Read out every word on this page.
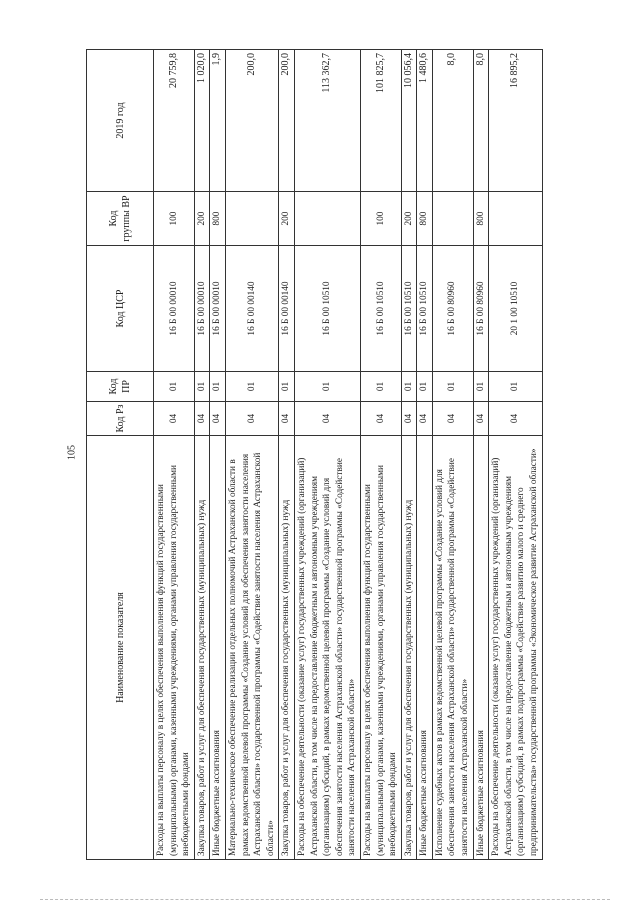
105
Наименование показателя	Код Рз	Код ПР	Код ЦСР	Код группы ВР	2019 год
Расходы на выплаты персоналу в целях обеспечения выполнения функций государственными (муниципальными) органами, казенными учреждениями, органами управления государственными внебюджетными фондами	04	01	16 Б 00 00010	100	20 759,8
Закупка товаров, работ и услуг для обеспечения государственных (муниципальных) нужд	04	01	16 Б 00 00010	200	1 020,0
Иные бюджетные ассигнования	04	01	16 Б 00 00010	800	1,9
Материально-техническое обеспечение реализации отдельных полномочий Астраханской области в рамках ведомственной целевой программы «Создание условий для обеспечения занятости населения Астраханской области» государственной программы «Содействие занятости населения Астраханской области»	04	01	16 Б 00 00140		200,0
Закупка товаров, работ и услуг для обеспечения государственных (муниципальных) нужд	04	01	16 Б 00 00140	200	200,0
Расходы на обеспечение деятельности (оказание услуг) государственных учреждений (организаций) Астраханской области, в том числе на предоставление бюджетным и автономным учреждениям (организациям) субсидий, в рамках ведомственной целевой программы «Создание условий для обеспечения занятости населения Астраханской области» государственной программы «Содействие занятости населения Астраханской области»	04	01	16 Б 00 10510		113 362,7
Расходы на выплаты персоналу в целях обеспечения выполнения функций государственными (муниципальными) органами, казенными учреждениями, органами управления государственными внебюджетными фондами	04	01	16 Б 00 10510	100	101 825,7
Закупка товаров, работ и услуг для обеспечения государственных (муниципальных) нужд	04	01	16 Б 00 10510	200	10 056,4
Иные бюджетные ассигнования	04	01	16 Б 00 10510	800	1 480,6
Исполнение судебных актов в рамках ведомственной целевой программы «Создание условий для обеспечения занятости населения Астраханской области» государственной программы «Содействие занятости населения Астраханской области»	04	01	16 Б 00 80960		8,0
Иные бюджетные ассигнования	04	01	16 Б 00 80960	800	8,0
Расходы на обеспечение деятельности (оказание услуг) государственных учреждений (организаций) Астраханской области, в том числе на предоставление бюджетным и автономным учреждениям (организациям) субсидий, в рамках подпрограммы «Содействие развитию малого и среднего предпринимательства» государственной программы «Экономическое развитие Астраханской области»	04	01	20 1 00 10510		16 895,2
